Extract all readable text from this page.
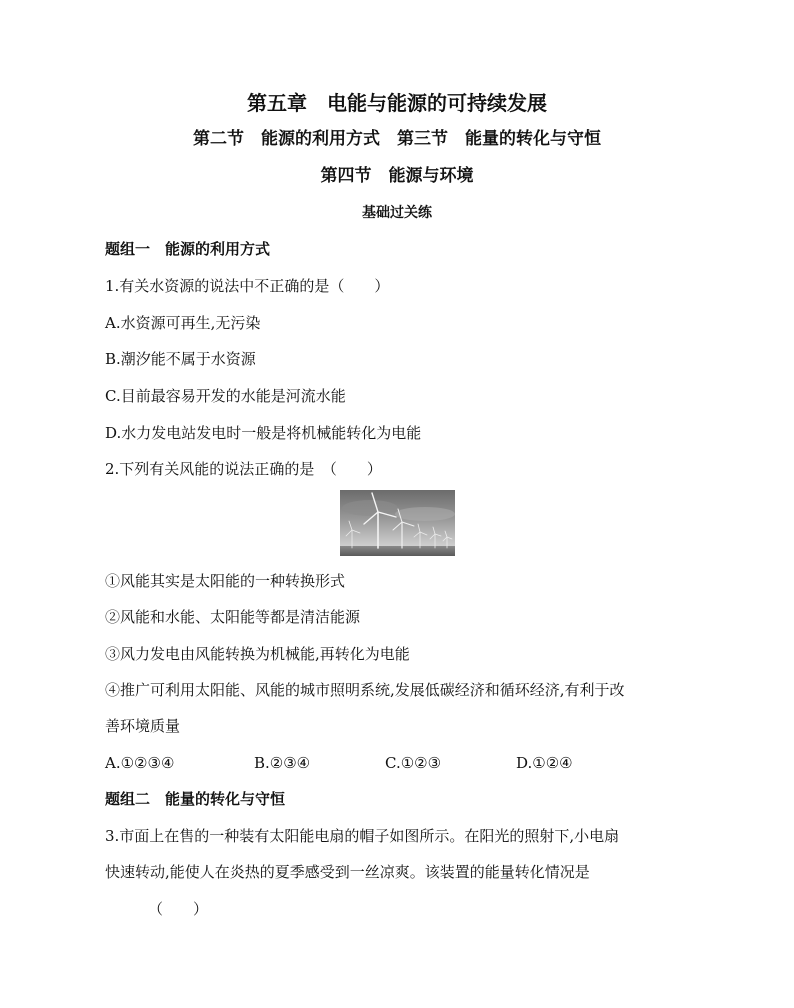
第五章　电能与能源的可持续发展
第二节　能源的利用方式　第三节　能量的转化与守恒
第四节　能源与环境
基础过关练
题组一　能源的利用方式
1.有关水资源的说法中不正确的是（　　）
A.水资源可再生,无污染
B.潮汐能不属于水资源
C.目前最容易开发的水能是河流水能
D.水力发电站发电时一般是将机械能转化为电能
2.下列有关风能的说法正确的是　（　　）
①风能其实是太阳能的一种转换形式
②风能和水能、太阳能等都是清洁能源
③风力发电由风能转换为机械能,再转化为电能
④推广可利用太阳能、风能的城市照明系统,发展低碳经济和循环经济,有利于改
善环境质量
A.①②③④	B.②③④	C.①②③	D.①②④
题组二　能量的转化与守恒
3.市面上在售的一种装有太阳能电扇的帽子如图所示。在阳光的照射下,小电扇
快速转动,能使人在炎热的夏季感受到一丝凉爽。该装置的能量转化情况是
（　　）
